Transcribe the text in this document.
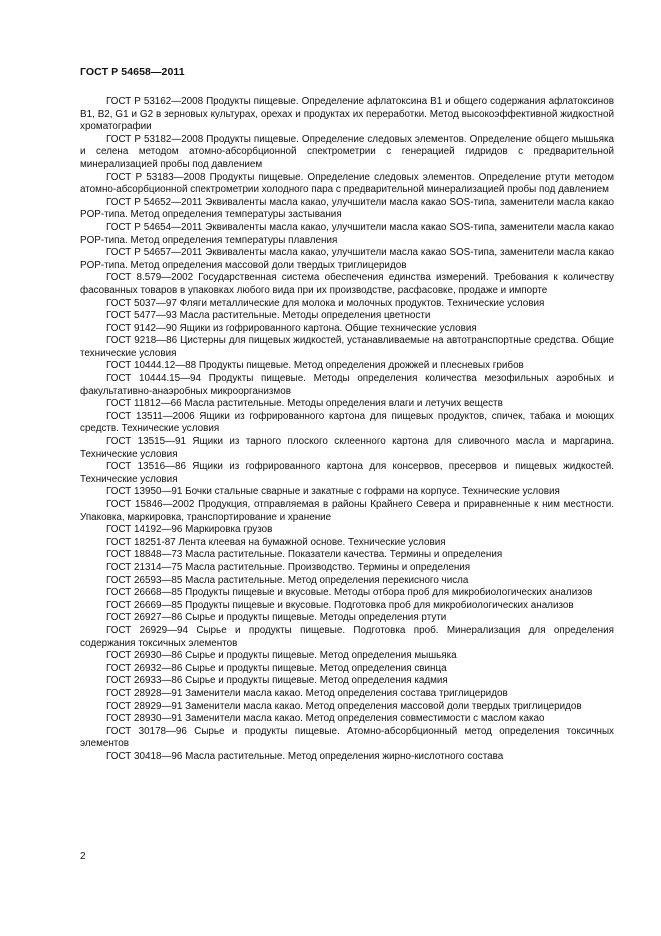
ГОСТ Р 54658—2011

ГОСТ Р 53162—2008 Продукты пищевые. Определение афлатоксина В1 и общего содержания афлатоксинов В1, В2, G1 и G2 в зерновых культурах, орехах и продуктах их переработки. Метод высокоэффективной жидкостной хроматографии

ГОСТ Р 53182—2008 Продукты пищевые. Определение следовых элементов. Определение общего мышьяка и селена методом атомно-абсорбционной спектрометрии с генерацией гидридов с предварительной минерализацией пробы под давлением

ГОСТ Р 53183—2008 Продукты пищевые. Определение следовых элементов. Определение ртути методом атомно-абсорбционной спектрометрии холодного пара с предварительной минерализацией пробы под давлением

ГОСТ Р 54652—2011 Эквиваленты масла какао, улучшители масла какао SOS-типа, заменители масла какао POP-типа. Метод определения температуры застывания

ГОСТ Р 54654—2011 Эквиваленты масла какао, улучшители масла какао SOS-типа, заменители масла какао POP-типа. Метод определения температуры плавления

ГОСТ Р 54657—2011 Эквиваленты масла какао, улучшители масла какао SOS-типа, заменители масла какао POP-типа. Метод определения массовой доли твердых триглицеридов

ГОСТ 8.579—2002 Государственная система обеспечения единства измерений. Требования к количеству фасованных товаров в упаковках любого вида при их производстве, расфасовке, продаже и импорте

ГОСТ 5037—97 Фляги металлические для молока и молочных продуктов. Технические условия

ГОСТ 5477—93 Масла растительные. Методы определения цветности

ГОСТ 9142—90 Ящики из гофрированного картона. Общие технические условия

ГОСТ 9218—86 Цистерны для пищевых жидкостей, устанавливаемые на автотранспортные средства. Общие технические условия

ГОСТ 10444.12—88 Продукты пищевые. Метод определения дрожжей и плесневых грибов

ГОСТ 10444.15—94 Продукты пищевые. Методы определения количества мезофильных аэробных и факультативно-анаэробных микроорганизмов

ГОСТ 11812—66 Масла растительные. Методы определения влаги и летучих веществ

ГОСТ 13511—2006 Ящики из гофрированного картона для пищевых продуктов, спичек, табака и моющих средств. Технические условия

ГОСТ 13515—91 Ящики из тарного плоского склеенного картона для сливочного масла и маргарина. Технические условия

ГОСТ 13516—86 Ящики из гофрированного картона для консервов, пресервов и пищевых жидкостей. Технические условия

ГОСТ 13950—91 Бочки стальные сварные и закатные с гофрами на корпусе. Технические условия

ГОСТ 15846—2002 Продукция, отправляемая в районы Крайнего Севера и приравненные к ним местности. Упаковка, маркировка, транспортирование и хранение

ГОСТ 14192—96 Маркировка грузов

ГОСТ 18251-87 Лента клеевая на бумажной основе. Технические условия

ГОСТ 18848—73 Масла растительные. Показатели качества. Термины и определения

ГОСТ 21314—75 Масла растительные. Производство. Термины и определения

ГОСТ 26593—85 Масла растительные. Метод определения перекисного числа

ГОСТ 26668—85 Продукты пищевые и вкусовые. Методы отбора проб для микробиологических анализов

ГОСТ 26669—85 Продукты пищевые и вкусовые. Подготовка проб для микробиологических анализов

ГОСТ 26927—86 Сырье и продукты пищевые. Методы определения ртути

ГОСТ 26929—94 Сырье и продукты пищевые. Подготовка проб. Минерализация для определения содержания токсичных элементов

ГОСТ 26930—86 Сырье и продукты пищевые. Метод определения мышьяка

ГОСТ 26932—86 Сырье и продукты пищевые. Метод определения свинца

ГОСТ 26933—86 Сырье и продукты пищевые. Метод определения кадмия

ГОСТ 28928—91 Заменители масла какао. Метод определения состава триглицеридов

ГОСТ 28929—91 Заменители масла какао. Метод определения массовой доли твердых триглицеридов

ГОСТ 28930—91 Заменители масла какао. Метод определения совместимости с маслом какао

ГОСТ 30178—96 Сырье и продукты пищевые. Атомно-абсорбционный метод определения токсичных элементов

ГОСТ 30418—96 Масла растительные. Метод определения жирно-кислотного состава

2
